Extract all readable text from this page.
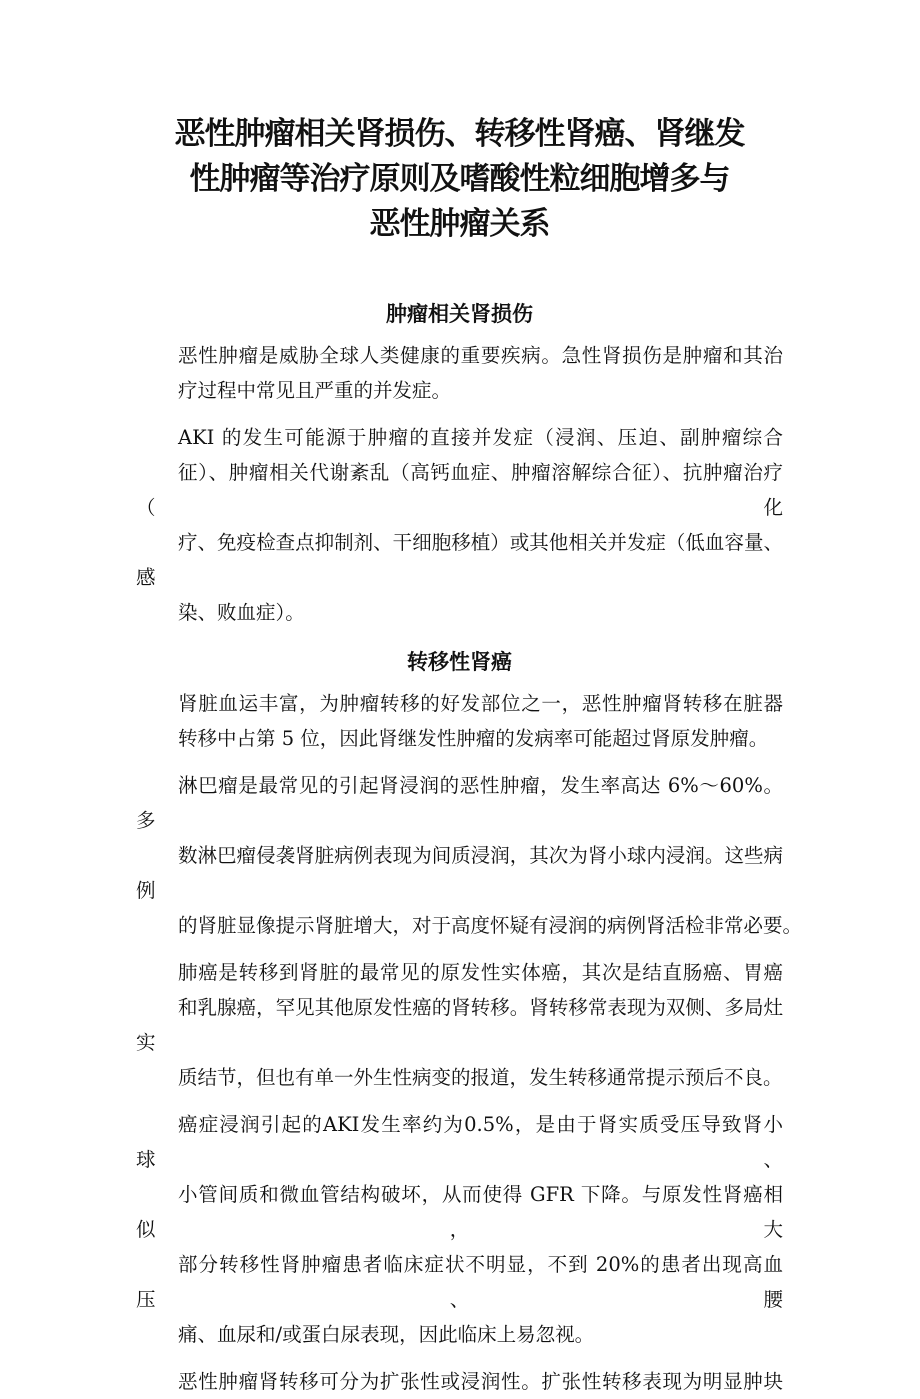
恶性肿瘤相关肾损伤、转移性肾癌、肾继发
性肿瘤等治疗原则及嗜酸性粒细胞增多与
恶性肿瘤关系
肿瘤相关肾损伤

恶性肿瘤是威胁全球人类健康的重要疾病。急性肾损伤是肿瘤和其治
疗过程中常见且严重的并发症。

AKI 的发生可能源于肿瘤的直接并发症（浸润、压迫、副肿瘤综合
征）、肿瘤相关代谢紊乱（高钙血症、肿瘤溶解综合征）、抗肿瘤治疗（化
疗、免疫检查点抑制剂、干细胞移植）或其他相关并发症（低血容量、感
染、败血症）。

转移性肾癌

肾脏血运丰富，为肿瘤转移的好发部位之一，恶性肿瘤肾转移在脏器
转移中占第 5 位，因此肾继发性肿瘤的发病率可能超过肾原发肿瘤。

淋巴瘤是最常见的引起肾浸润的恶性肿瘤，发生率高达 6%～60%。多
数淋巴瘤侵袭肾脏病例表现为间质浸润，其次为肾小球内浸润。这些病例
的肾脏显像提示肾脏增大，对于高度怀疑有浸润的病例肾活检非常必要。

肺癌是转移到肾脏的最常见的原发性实体癌，其次是结直肠癌、胃癌
和乳腺癌，罕见其他原发性癌的肾转移。肾转移常表现为双侧、多局灶实
质结节，但也有单一外生性病变的报道，发生转移通常提示预后不良。

癌症浸润引起的AKI发生率约为0.5%，是由于肾实质受压导致肾小球、
小管间质和微血管结构破坏，从而使得 GFR 下降。与原发性肾癌相似，大
部分转移性肾肿瘤患者临床症状不明显，不到 20%的患者出现高血压、腰
痛、血尿和/或蛋白尿表现，因此临床上易忽视。

恶性肿瘤肾转移可分为扩张性或浸润性。扩张性转移表现为明显肿块
